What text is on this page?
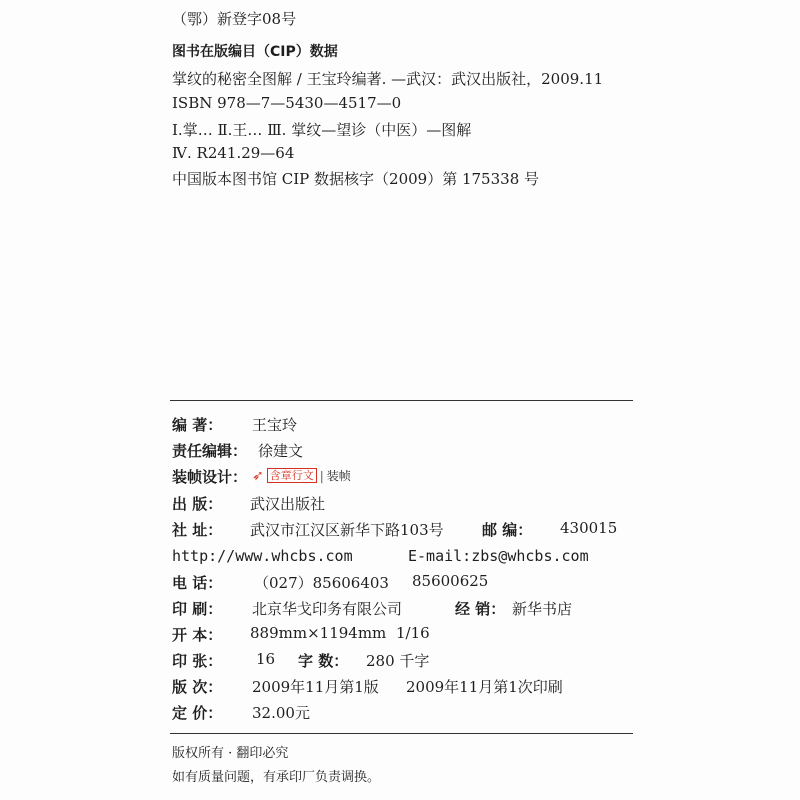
（鄂）新登字08号
图书在版编目（CIP）数据
掌纹的秘密全图解 / 王宝玲编著. —武汉：武汉出版社，2009.11
ISBN 978—7—5430—4517—0
Ⅰ.掌… Ⅱ.王… Ⅲ. 掌纹—望诊（中医）—图解
Ⅳ. R241.29—64
中国版本图书馆 CIP 数据核字（2009）第 175338 号
编 著： 王宝玲
责任编辑： 徐建文
装帧设计： ➶ 含章行文 | 装帧
出 版： 武汉出版社
社 址： 武汉市江汉区新华下路103号	邮 编： 430015
http://www.whcbs.com	E-mail:zbs@whcbs.com
电 话： （027）85606403 85600625
印 刷： 北京华戈印务有限公司	经 销： 新华书店
开 本： 889mm×1194mm 1/16
印 张： 16 字 数： 280 千字
版 次： 2009年11月第1版 2009年11月第1次印刷
定 价： 32.00元
版权所有 · 翻印必究
如有质量问题，有承印厂负责调换。
